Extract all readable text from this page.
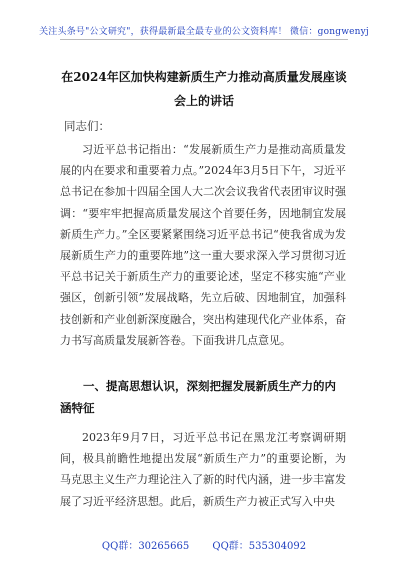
关注头条号"公文研究"，获得最新最全最专业的公文资料库！ 微信：gongwenyj
在2024年区加快构建新质生产力推动高质量发展座谈会上的讲话
同志们：

习近平总书记指出：“发展新质生产力是推动高质量发展的内在要求和重要着力点。”2024年3月5日下午，习近平总书记在参加十四届全国人大二次会议我省代表团审议时强调：“要牢牢把握高质量发展这个首要任务，因地制宜发展新质生产力。”全区要紧紧围绕习近平总书记“使我省成为发展新质生产力的重要阵地”这一重大要求深入学习贯彻习近平总书记关于新质生产力的重要论述，坚定不移实施“产业强区，创新引领”发展战略，先立后破、因地制宜，加强科技创新和产业创新深度融合，突出构建现代化产业体系，奋力书写高质量发展新答卷。下面我讲几点意见。

一、提高思想认识，深刻把握发展新质生产力的内涵特征

2023年9月7日，习近平总书记在黑龙江考察调研期间，极具前瞻性地提出发展“新质生产力”的重要论断，为马克思主义生产力理论注入了新的时代内涵，进一步丰富发展了习近平经济思想。此后，新质生产力被正式写入中央

QQ群：30265665 QQ群：535304092
